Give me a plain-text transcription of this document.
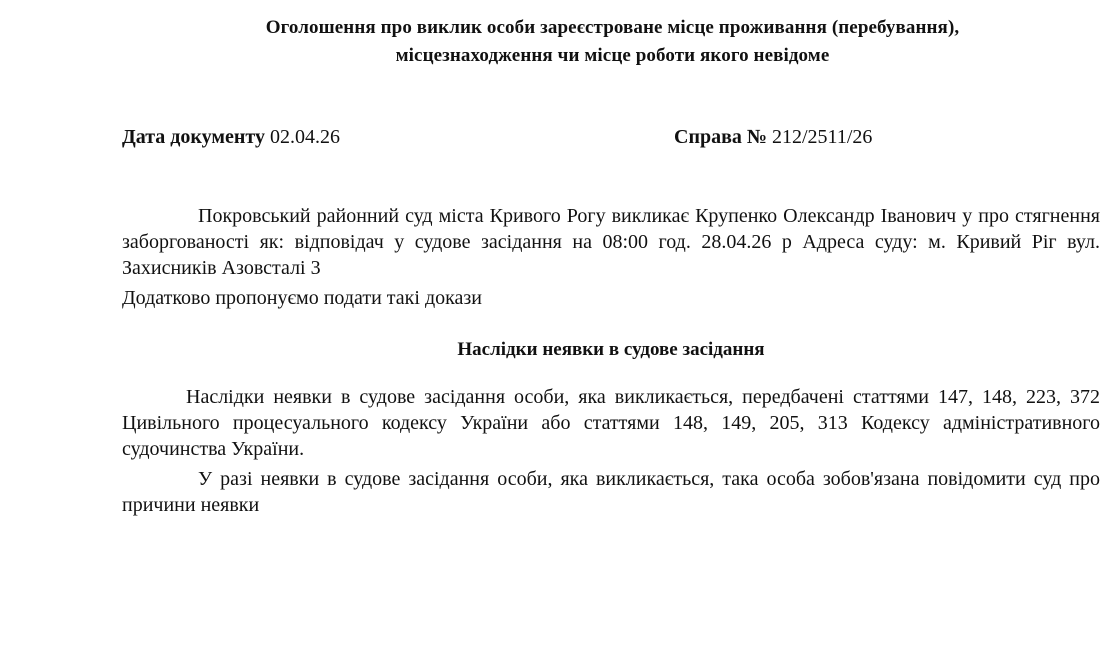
Оголошення про виклик особи зареєстроване місце проживання (перебування),
місцезнаходження чи місце роботи якого невідоме
Дата документу 02.04.26	Справа № 212/2511/26

Покровський районний суд міста Кривого Рогу викликає Крупенко Олександр Іванович у про стягнення заборгованості як: відповідач у судове засідання на 08:00 год. 28.04.26 р Адреса суду: м. Кривий Ріг вул. Захисників Азовсталі 3

Додатково пропонуємо подати такі докази

Наслідки неявки в судове засідання

Наслідки неявки в судове засідання особи, яка викликається, передбачені статтями 147, 148, 223, 372 Цивільного процесуального кодексу України або статтями 148, 149, 205, 313 Кодексу адміністративного судочинства України.

У разі неявки в судове засідання особи, яка викликається, така особа зобов'язана повідомити суд про причини неявки
